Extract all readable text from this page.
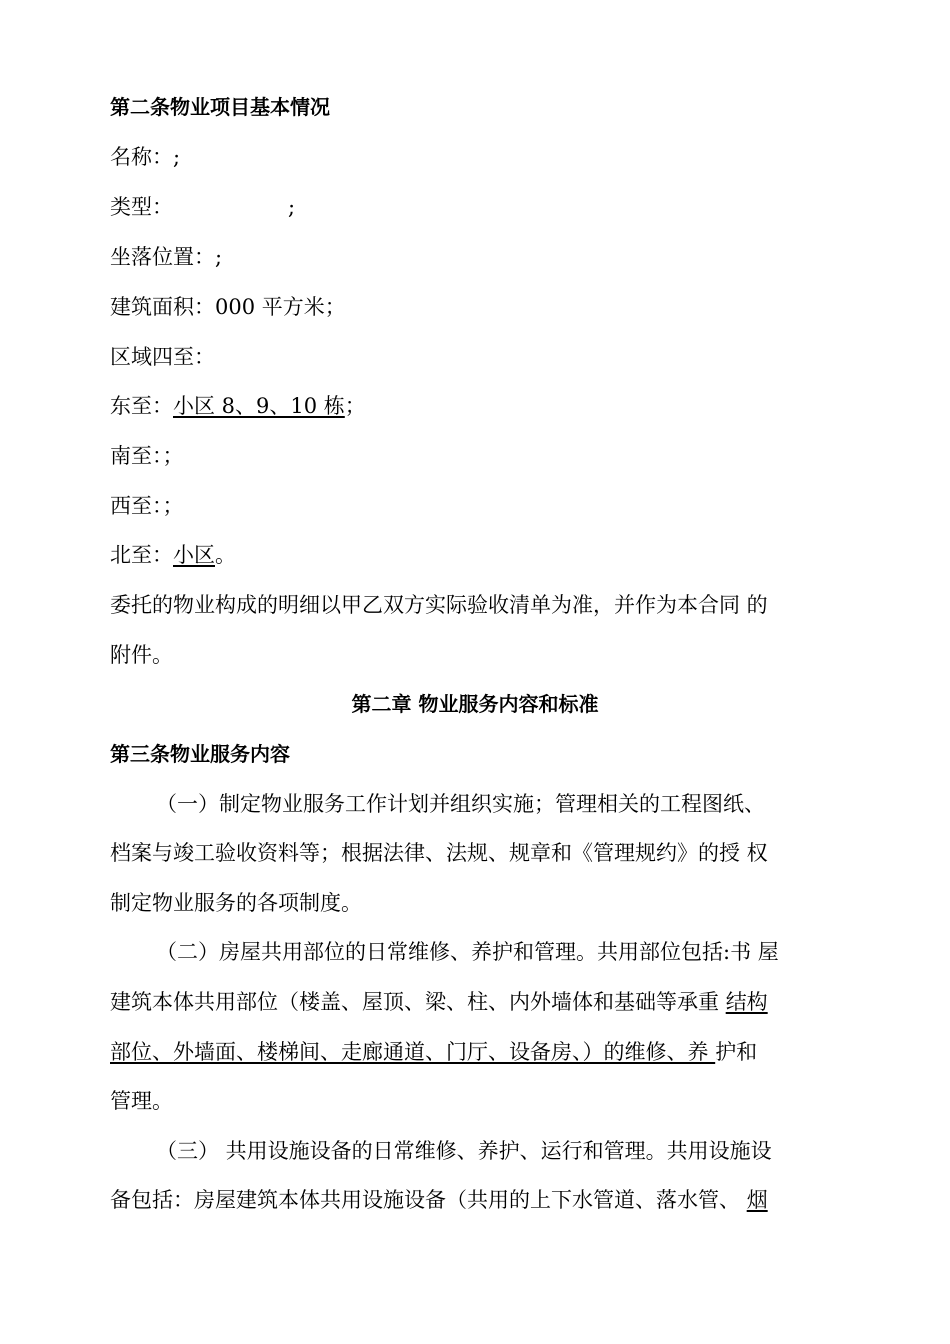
第二条物业项目基本情况
名称：;
类型：	;
坐落位置：;
建筑面积：000 平方米；
区域四至：
东至：小区 8、9、10 栋；
南至：；
西至：；
北至：小区。
委托的物业构成的明细以甲乙双方实际验收清单为准，并作为本合同 的
附件。
第二章 物业服务内容和标准
第三条物业服务内容
（一）制定物业服务工作计划并组织实施；管理相关的工程图纸、
档案与竣工验收资料等；根据法律、法规、规章和《管理规约》的授 权
制定物业服务的各项制度。
（二）房屋共用部位的日常维修、养护和管理。共用部位包括:书 屋
建筑本体共用部位（楼盖、屋顶、梁、柱、内外墙体和基础等承重 结构
部位、外墙面、楼梯间、走廊通道、门厅、设备房、）的维修、养 护和
管理。
（三） 共用设施设备的日常维修、养护、运行和管理。共用设施设
备包括：房屋建筑本体共用设施设备（共用的上下水管道、落水管、 烟
